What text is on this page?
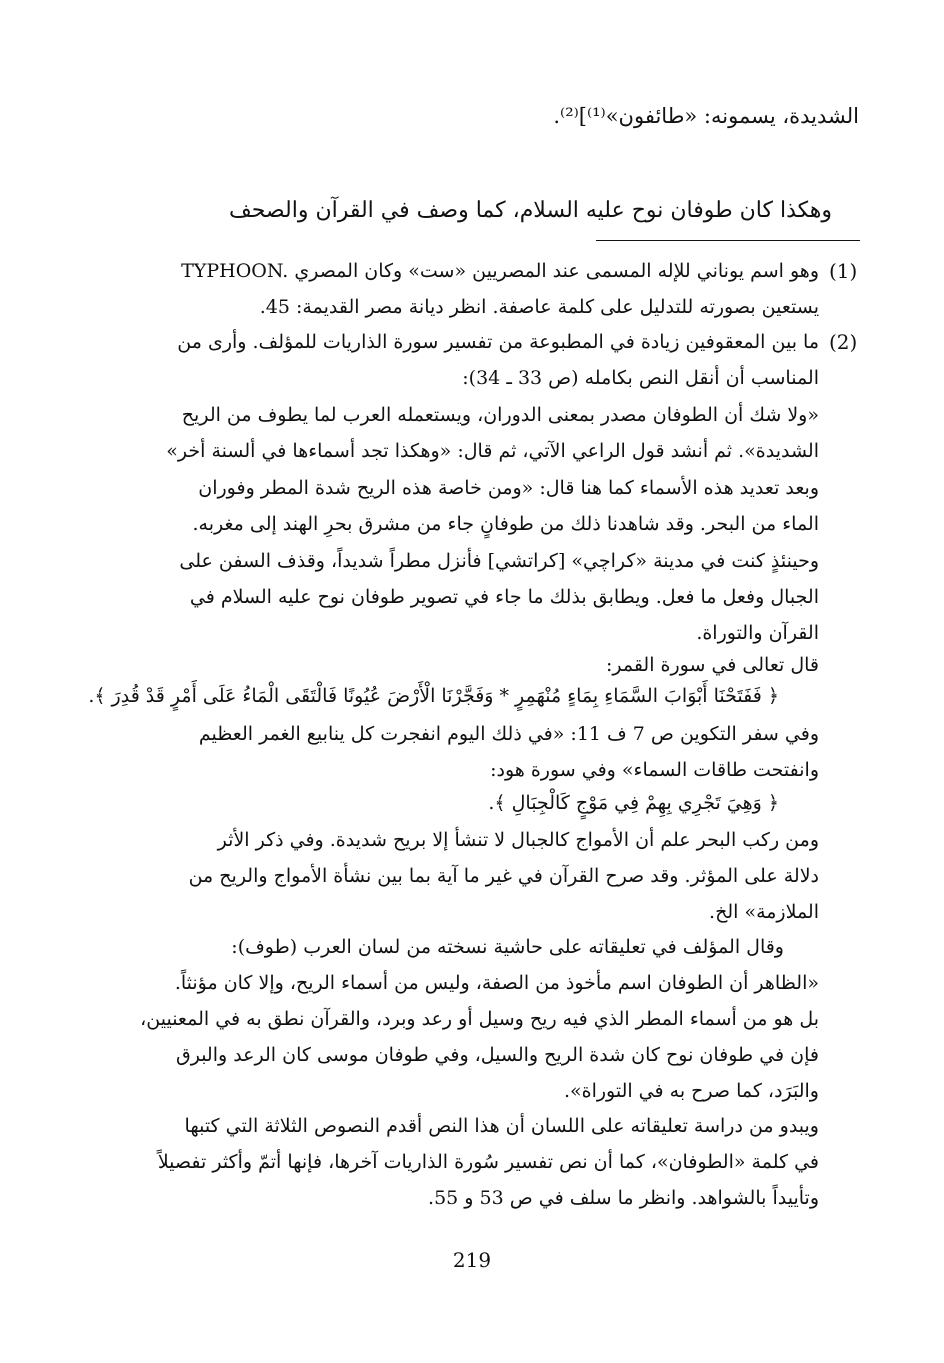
الشديدة، يسمونه: «طائفون»⁽¹⁾]⁽²⁾.
وهكذا كان طوفان نوح عليه السلام، كما وصف في القرآن والصحف
(1)
TYPHOON. وهو اسم يوناني للإله المسمى عند المصريين «ست» وكان المصري
يستعين بصورته للتدليل على كلمة عاصفة. انظر ديانة مصر القديمة: 45.
(2)
ما بين المعقوفين زيادة في المطبوعة من تفسير سورة الذاريات للمؤلف. وأرى من
المناسب أن أنقل النص بكامله (ص 33 ـ 34):
«ولا شك أن الطوفان مصدر بمعنى الدوران، ويستعمله العرب لما يطوف من الريح
الشديدة». ثم أنشد قول الراعي الآتي، ثم قال: «وهكذا تجد أسماءها في ألسنة أخر»
وبعد تعديد هذه الأسماء كما هنا قال: «ومن خاصة هذه الريح شدة المطر وفوران
الماء من البحر. وقد شاهدنا ذلك من طوفانٍ جاء من مشرق بحرِ الهند إلى مغربه.
وحينئذٍ كنت في مدينة «كراچي» [كراتشي] فأنزل مطراً شديداً، وقذف السفن على
الجبال وفعل ما فعل. ويطابق بذلك ما جاء في تصوير طوفان نوح عليه السلام في
القرآن والتوراة.
قال تعالى في سورة القمر:
﴿ فَفَتَحْنَا أَبْوَابَ السَّمَاءِ بِمَاءٍ مُنْهَمِرٍ * وَفَجَّرْنَا الْأَرْضَ عُيُونًا فَالْتَقَى الْمَاءُ عَلَى أَمْرٍ قَدْ قُدِرَ ﴾.
وفي سفر التكوين ص 7 ف 11: «في ذلك اليوم انفجرت كل ينابيع الغمر العظيم
وانفتحت طاقات السماء» وفي سورة هود:
﴿ وَهِيَ تَجْرِي بِهِمْ فِي مَوْجٍ كَالْجِبَالِ ﴾.
ومن ركب البحر علم أن الأمواج كالجبال لا تنشأ إلا بريح شديدة. وفي ذكر الأثر
دلالة على المؤثر. وقد صرح القرآن في غير ما آية بما بين نشأة الأمواج والريح من
الملازمة» الخ.
وقال المؤلف في تعليقاته على حاشية نسخته من لسان العرب (طوف):
«الظاهر أن الطوفان اسم مأخوذ من الصفة، وليس من أسماء الريح، وإلا كان مؤنثاً.
بل هو من أسماء المطر الذي فيه ريح وسيل أو رعد وبرد، والقرآن نطق به في المعنيين،
فإن في طوفان نوح كان شدة الريح والسيل، وفي طوفان موسى كان الرعد والبرق
والبَرَد، كما صرح به في التوراة».
ويبدو من دراسة تعليقاته على اللسان أن هذا النص أقدم النصوص الثلاثة التي كتبها
في كلمة «الطوفان»، كما أن نص تفسير سُورة الذاريات آخرها، فإنها أتمّ وأكثر تفصيلاً
وتأييداً بالشواهد. وانظر ما سلف في ص 53 و 55.
219
